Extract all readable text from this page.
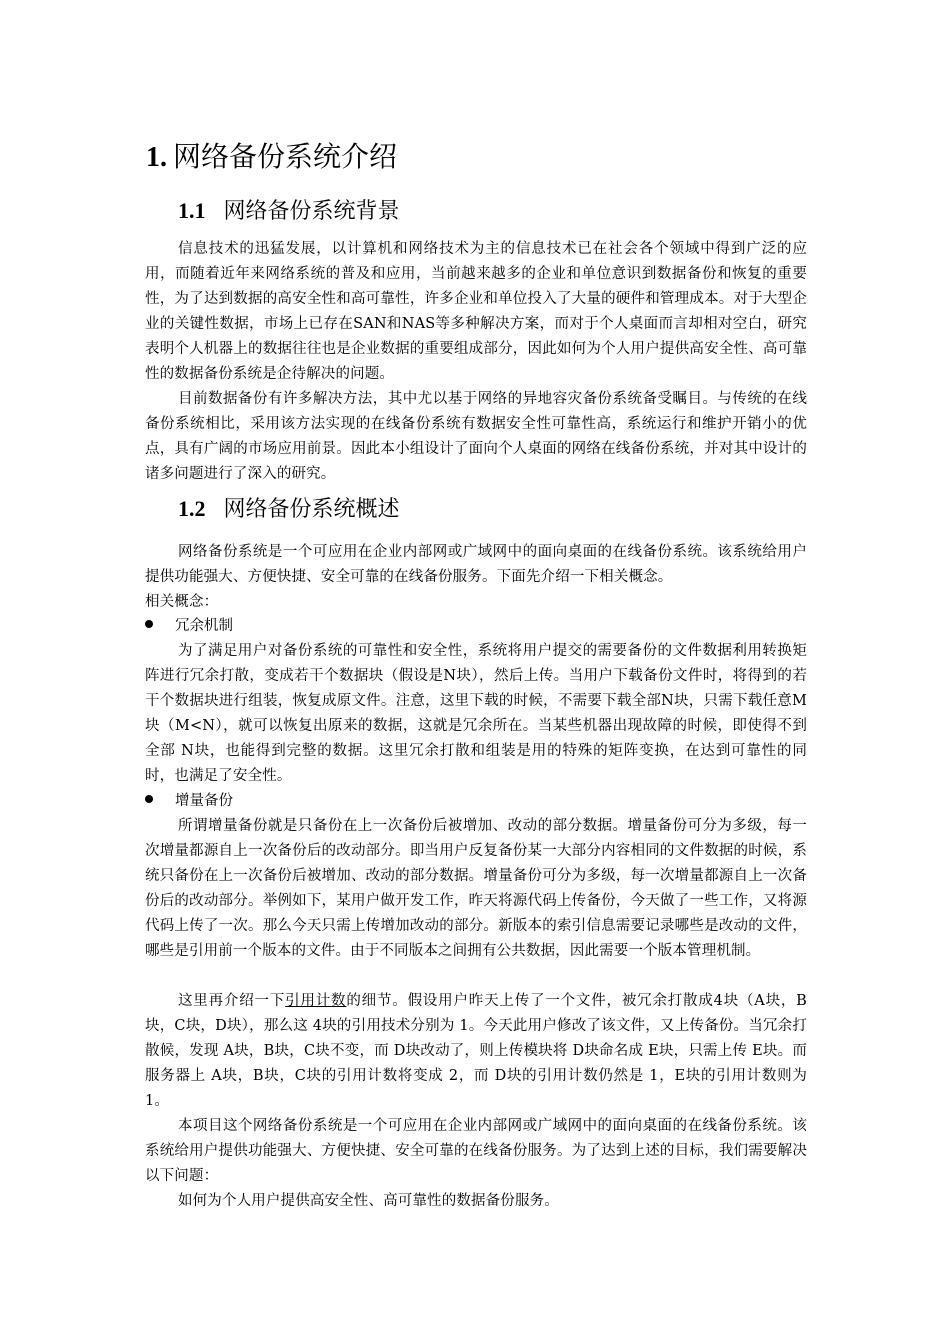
1. 网络备份系统介绍
1.1 网络备份系统背景

信息技术的迅猛发展，以计算机和网络技术为主的信息技术已在社会各个领域中得到广泛的应用，而随着近年来网络系统的普及和应用，当前越来越多的企业和单位意识到数据备份和恢复的重要性，为了达到数据的高安全性和高可靠性，许多企业和单位投入了大量的硬件和管理成本。对于大型企业的关键性数据，市场上已存在SAN和NAS等多种解决方案，而对于个人桌面而言却相对空白，研究表明个人机器上的数据往往也是企业数据的重要组成部分，因此如何为个人用户提供高安全性、高可靠性的数据备份系统是企待解决的问题。

目前数据备份有许多解决方法，其中尤以基于网络的异地容灾备份系统备受瞩目。与传统的在线备份系统相比，采用该方法实现的在线备份系统有数据安全性可靠性高，系统运行和维护开销小的优点，具有广阔的市场应用前景。因此本小组设计了面向个人桌面的网络在线备份系统，并对其中设计的诸多问题进行了深入的研究。

1.2 网络备份系统概述

网络备份系统是一个可应用在企业内部网或广域网中的面向桌面的在线备份系统。该系统给用户提供功能强大、方便快捷、安全可靠的在线备份服务。下面先介绍一下相关概念。

相关概念：

冗余机制

为了满足用户对备份系统的可靠性和安全性，系统将用户提交的需要备份的文件数据利用转换矩阵进行冗余打散，变成若干个数据块（假设是N块），然后上传。当用户下载备份文件时，将得到的若干个数据块进行组装，恢复成原文件。注意，这里下载的时候，不需要下载全部N块，只需下载任意M块（M<N），就可以恢复出原来的数据，这就是冗余所在。当某些机器出现故障的时候，即使得不到全部 N块，也能得到完整的数据。这里冗余打散和组装是用的特殊的矩阵变换，在达到可靠性的同时，也满足了安全性。

增量备份

所谓增量备份就是只备份在上一次备份后被增加、改动的部分数据。增量备份可分为多级，每一次增量都源自上一次备份后的改动部分。即当用户反复备份某一大部分内容相同的文件数据的时候，系统只备份在上一次备份后被增加、改动的部分数据。增量备份可分为多级，每一次增量都源自上一次备份后的改动部分。举例如下，某用户做开发工作，昨天将源代码上传备份，今天做了一些工作，又将源代码上传了一次。那么今天只需上传增加改动的部分。新版本的索引信息需要记录哪些是改动的文件，哪些是引用前一个版本的文件。由于不同版本之间拥有公共数据，因此需要一个版本管理机制。

这里再介绍一下引用计数的细节。假设用户昨天上传了一个文件，被冗余打散成4块（A块，B块，C块，D块），那么这 4块的引用技术分别为 1。今天此用户修改了该文件，又上传备份。当冗余打散候，发现 A块，B块，C块不变，而 D块改动了，则上传模块将 D块命名成 E块，只需上传 E块。而服务器上 A块，B块，C块的引用计数将变成 2，而 D块的引用计数仍然是 1，E块的引用计数则为 1。

本项目这个网络备份系统是一个可应用在企业内部网或广域网中的面向桌面的在线备份系统。该系统给用户提供功能强大、方便快捷、安全可靠的在线备份服务。为了达到上述的目标，我们需要解决以下问题：

如何为个人用户提供高安全性、高可靠性的数据备份服务。
